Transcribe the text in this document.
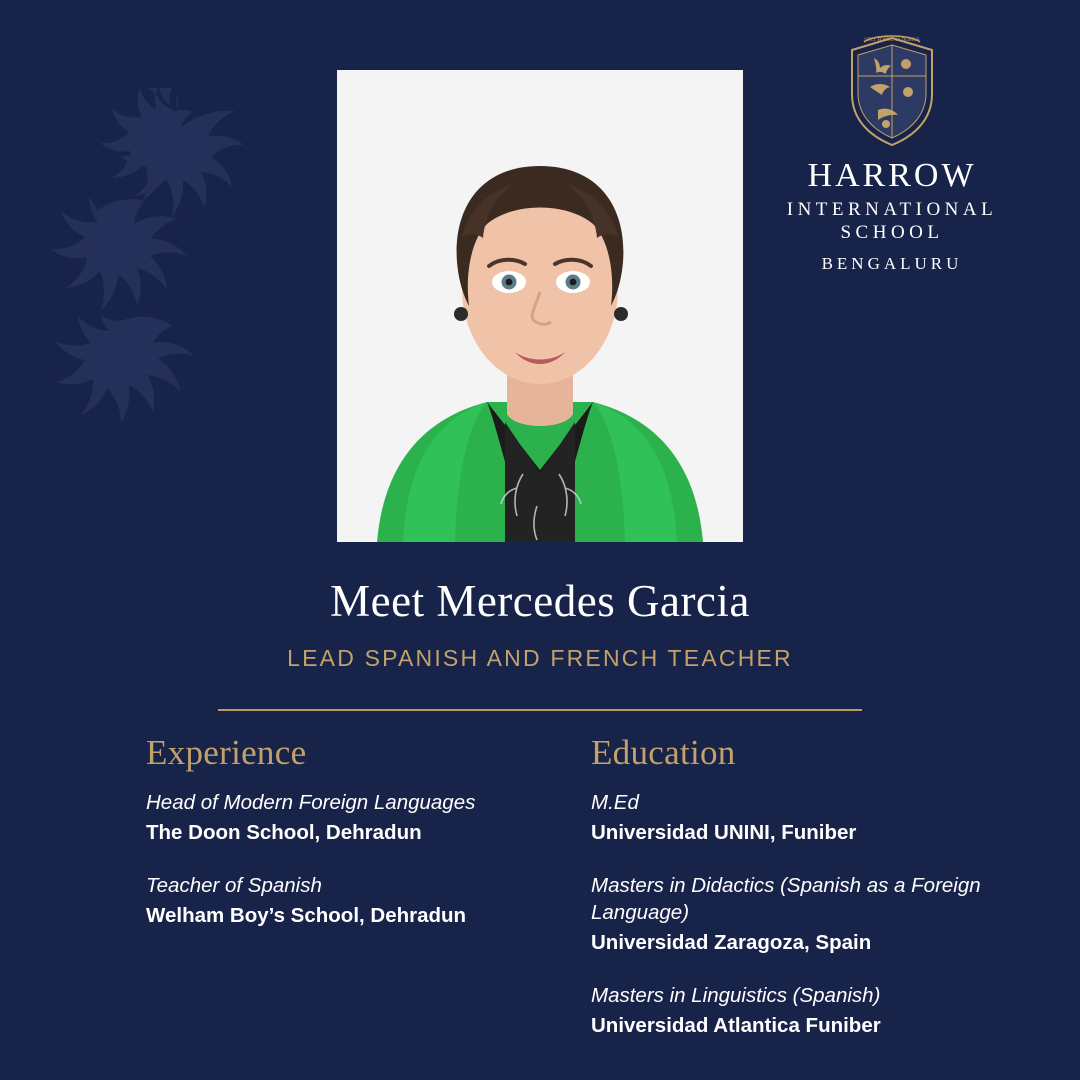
STET FORTUNA DOMUS
HARROW
INTERNATIONAL
SCHOOL
BENGALURU
Meet Mercedes Garcia
LEAD SPANISH AND FRENCH TEACHER
Experience
Head of Modern Foreign Languages
The Doon School, Dehradun
Teacher of Spanish
Welham Boy’s School, Dehradun
Education
M.Ed
Universidad UNINI, Funiber
Masters in Didactics (Spanish as a Foreign Language)
Universidad Zaragoza, Spain
Masters in Linguistics (Spanish)
Universidad Atlantica Funiber
